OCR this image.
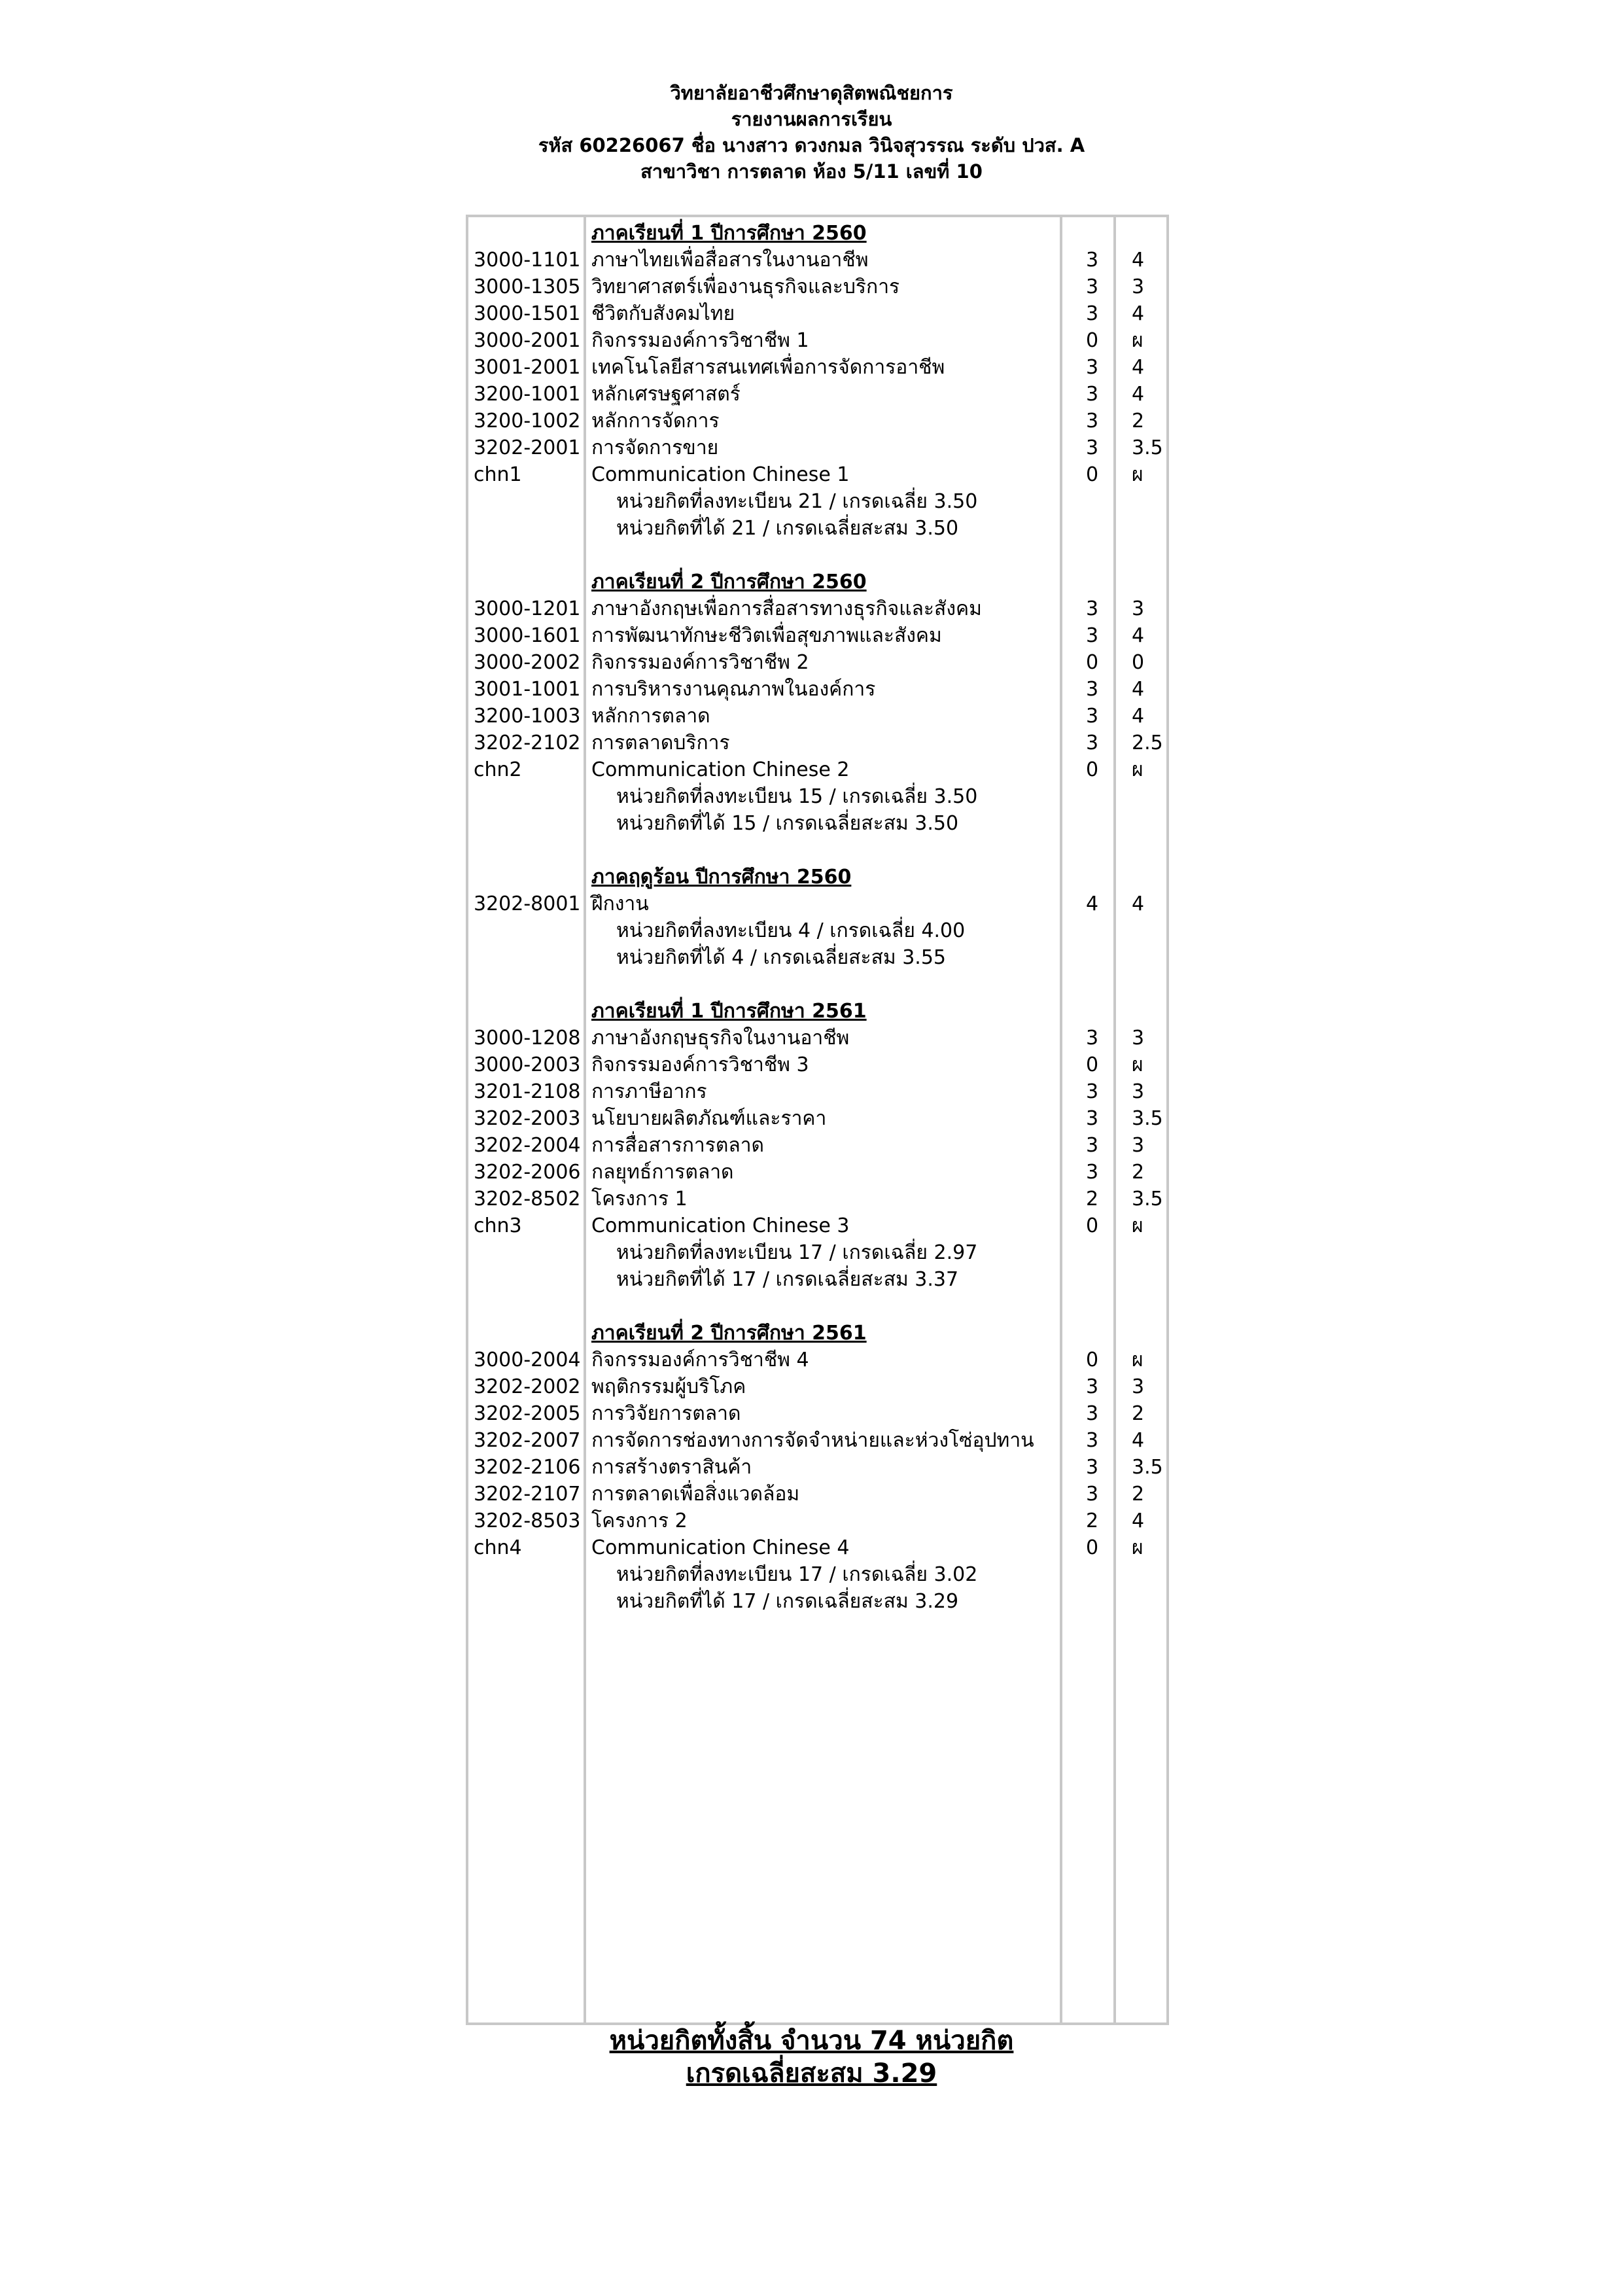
วิทยาลัยอาชีวศึกษาดุสิตพณิชยการ
รายงานผลการเรียน
รหัส 60226067 ชื่อ นางสาว ดวงกมล วินิจสุวรรณ ระดับ ปวส. A
สาขาวิชา การตลาด ห้อง 5/11 เลขที่ 10
ภาคเรียนที่ 1 ปีการศึกษา 2560
3000-1101 ภาษาไทยเพื่อสื่อสารในงานอาชีพ	3 4
3000-1305 วิทยาศาสตร์เพื่องานธุรกิจและบริการ	3 3
3000-1501 ชีวิตกับสังคมไทย	3 4
3000-2001 กิจกรรมองค์การวิชาชีพ 1	0 ผ
3001-2001 เทคโนโลยีสารสนเทศเพื่อการจัดการอาชีพ	3 4
3200-1001 หลักเศรษฐศาสตร์	3 4
3200-1002 หลักการจัดการ	3 2
3202-2001 การจัดการขาย	3 3.5
chn1	Communication Chinese 1	0 ผ
หน่วยกิตที่ลงทะเบียน 21 / เกรดเฉลี่ย 3.50
หน่วยกิตที่ได้ 21 / เกรดเฉลี่ยสะสม 3.50
ภาคเรียนที่ 2 ปีการศึกษา 2560
3000-1201 ภาษาอังกฤษเพื่อการสื่อสารทางธุรกิจและสังคม	3 3
3000-1601 การพัฒนาทักษะชีวิตเพื่อสุขภาพและสังคม	3 4
3000-2002 กิจกรรมองค์การวิชาชีพ 2	0 0
3001-1001 การบริหารงานคุณภาพในองค์การ	3 4
3200-1003 หลักการตลาด	3 4
3202-2102 การตลาดบริการ	3 2.5
chn2	Communication Chinese 2	0 ผ
หน่วยกิตที่ลงทะเบียน 15 / เกรดเฉลี่ย 3.50
หน่วยกิตที่ได้ 15 / เกรดเฉลี่ยสะสม 3.50
ภาคฤดูร้อน ปีการศึกษา 2560
3202-8001 ฝึกงาน	4 4
หน่วยกิตที่ลงทะเบียน 4 / เกรดเฉลี่ย 4.00
หน่วยกิตที่ได้ 4 / เกรดเฉลี่ยสะสม 3.55
ภาคเรียนที่ 1 ปีการศึกษา 2561
3000-1208 ภาษาอังกฤษธุรกิจในงานอาชีพ	3 3
3000-2003 กิจกรรมองค์การวิชาชีพ 3	0 ผ
3201-2108 การภาษีอากร	3 3
3202-2003 นโยบายผลิตภัณฑ์และราคา	3 3.5
3202-2004 การสื่อสารการตลาด	3 3
3202-2006 กลยุทธ์การตลาด	3 2
3202-8502 โครงการ 1	2 3.5
chn3	Communication Chinese 3	0 ผ
หน่วยกิตที่ลงทะเบียน 17 / เกรดเฉลี่ย 2.97
หน่วยกิตที่ได้ 17 / เกรดเฉลี่ยสะสม 3.37
ภาคเรียนที่ 2 ปีการศึกษา 2561
3000-2004 กิจกรรมองค์การวิชาชีพ 4	0 ผ
3202-2002 พฤติกรรมผู้บริโภค	3 3
3202-2005 การวิจัยการตลาด	3 2
3202-2007 การจัดการช่องทางการจัดจำหน่ายและห่วงโซ่อุปทาน	3 4
3202-2106 การสร้างตราสินค้า	3 3.5
3202-2107 การตลาดเพื่อสิ่งแวดล้อม	3 2
3202-8503 โครงการ 2	2 4
chn4	Communication Chinese 4	0 ผ
หน่วยกิตที่ลงทะเบียน 17 / เกรดเฉลี่ย 3.02
หน่วยกิตที่ได้ 17 / เกรดเฉลี่ยสะสม 3.29
หน่วยกิตทั้งสิ้น จำนวน 74 หน่วยกิต
เกรดเฉลี่ยสะสม 3.29
